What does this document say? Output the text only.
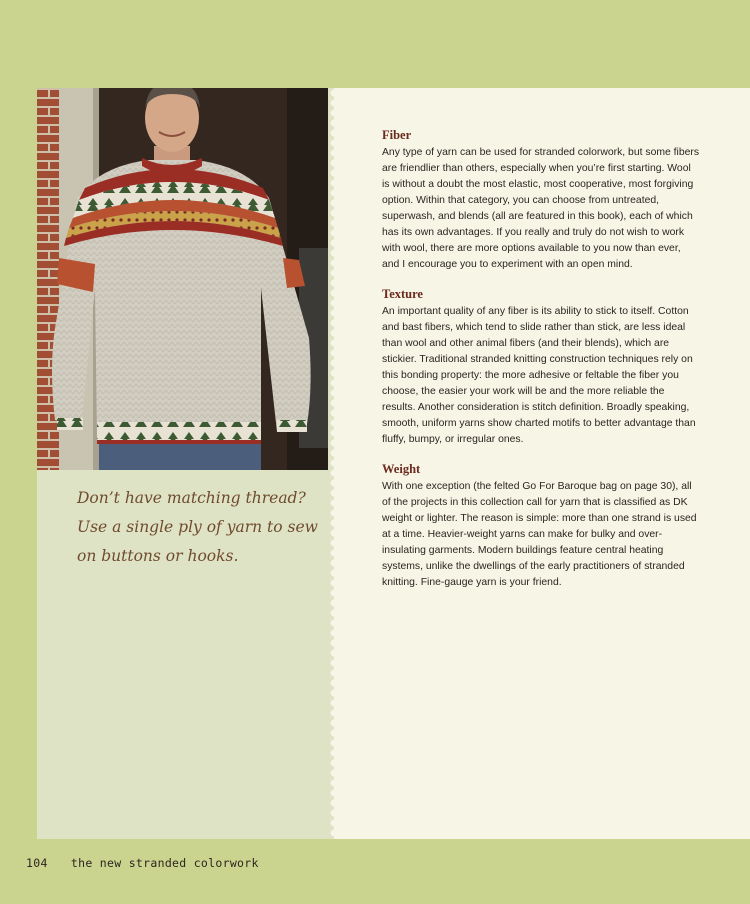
Don’t have matching thread? Use a single ply of yarn to sew on buttons or hooks.

Fiber

Any type of yarn can be used for stranded colorwork, but some fibers are friendlier than others, especially when you’re first starting. Wool is without a doubt the most elastic, most cooperative, most forgiving option. Within that category, you can choose from untreated, superwash, and blends (all are featured in this book), each of which has its own advantages. If you really and truly do not wish to work with wool, there are more options available to you now than ever, and I encourage you to experiment with an open mind.

Texture

An important quality of any fiber is its ability to stick to itself. Cotton and bast fibers, which tend to slide rather than stick, are less ideal than wool and other animal fibers (and their blends), which are stickier. Traditional stranded knitting construction techniques rely on this bonding property: the more adhesive or feltable the fiber you choose, the easier your work will be and the more reliable the results. Another consideration is stitch definition. Broadly speaking, smooth, uniform yarns show charted motifs to better advantage than fluffy, bumpy, or irregular ones.

Weight

With one exception (the felted Go For Baroque bag on page 30), all of the projects in this collection call for yarn that is classified as DK weight or lighter. The reason is simple: more than one strand is used at a time. Heavier-weight yarns can make for bulky and over-insulating garments. Modern buildings feature central heating systems, unlike the dwellings of the early practitioners of stranded knitting. Fine-gauge yarn is your friend.

104 the new stranded colorwork
